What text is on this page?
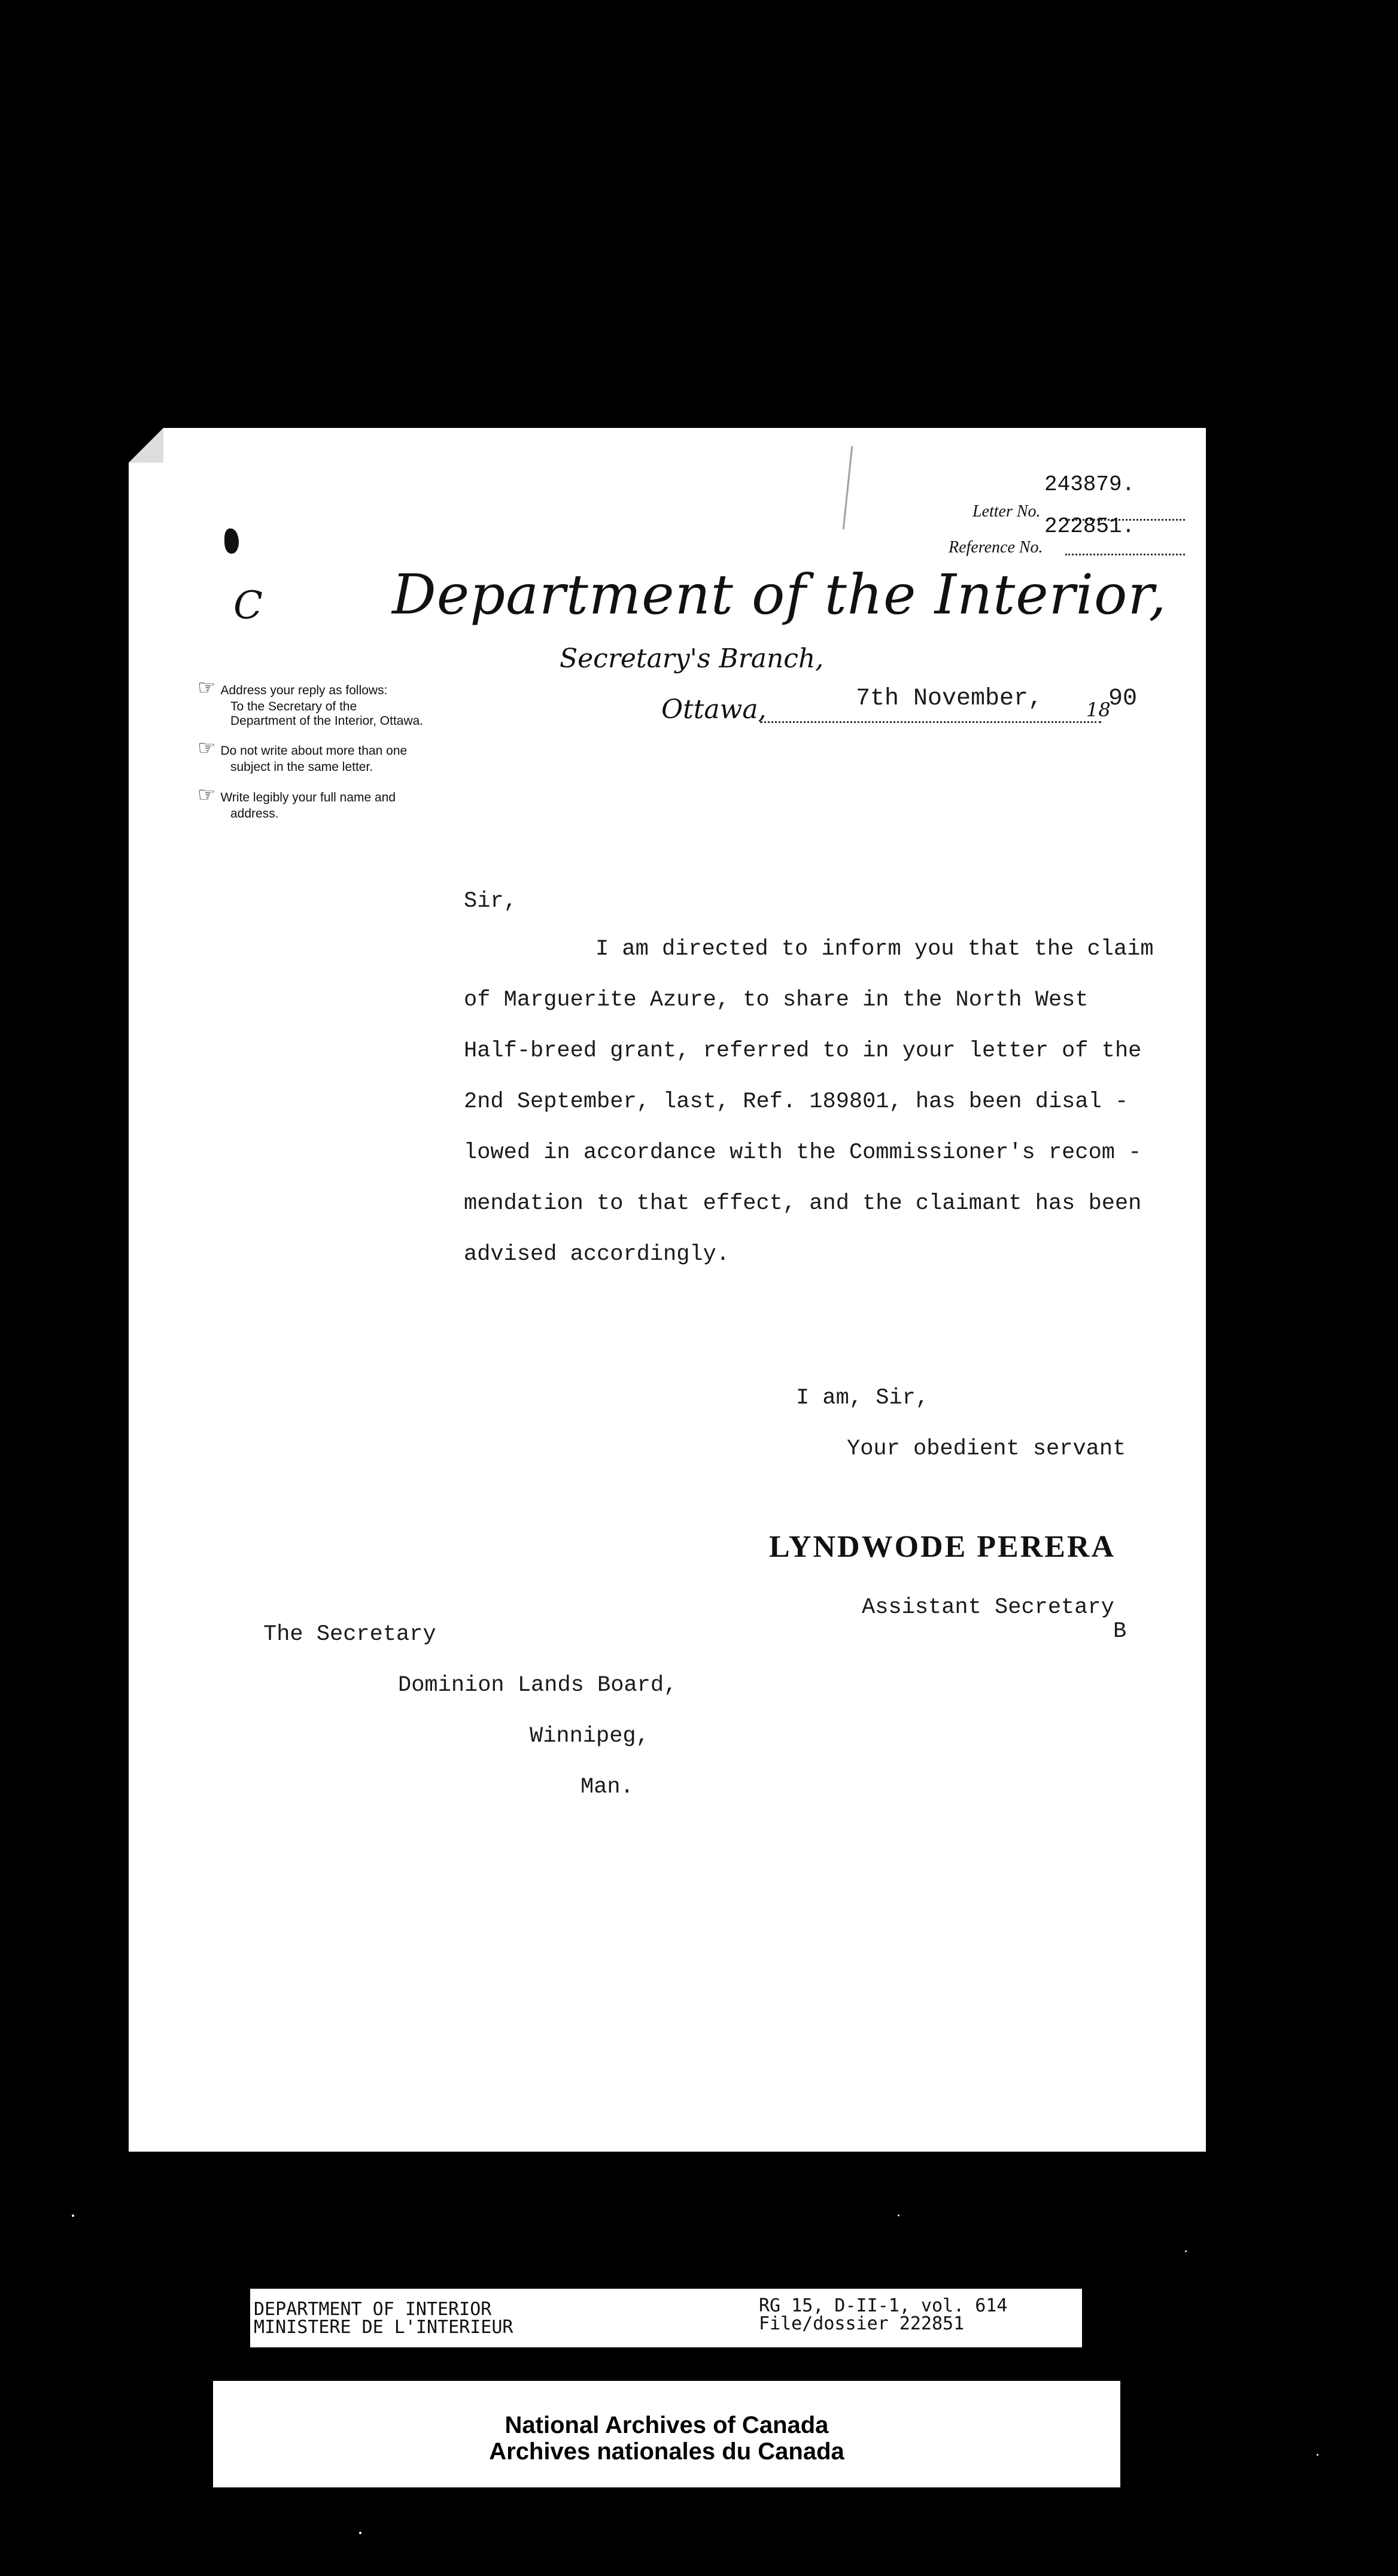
243879.
Letter No.
222851.
Reference No.
C Department of the Interior,
Secretary's Branch,
Ottawa,	7th November, 18
90
☞ Address your reply as follows:
To the Secretary of the
Department of the Interior, Ottawa.
☞ Do not write about more than one
subject in the same letter.
☞ Write legibly your full name and
address.
Sir,
I am directed to inform you that the claim
of Marguerite Azure, to share in the North West
Half-breed grant, referred to in your letter of the
2nd September, last, Ref. 189801, has been disal -
lowed in accordance with the Commissioner's recom -
mendation to that effect, and the claimant has been
advised accordingly.
I am, Sir,
Your obedient servant
LYNDWODE PERERA
Assistant Secretary
B
The Secretary
Dominion Lands Board,
Winnipeg,
Man.
DEPARTMENT OF INTERIOR
MINISTERE DE L'INTERIEUR
RG 15, D-II-1, vol. 614
File/dossier 222851
National Archives of Canada
Archives nationales du Canada
